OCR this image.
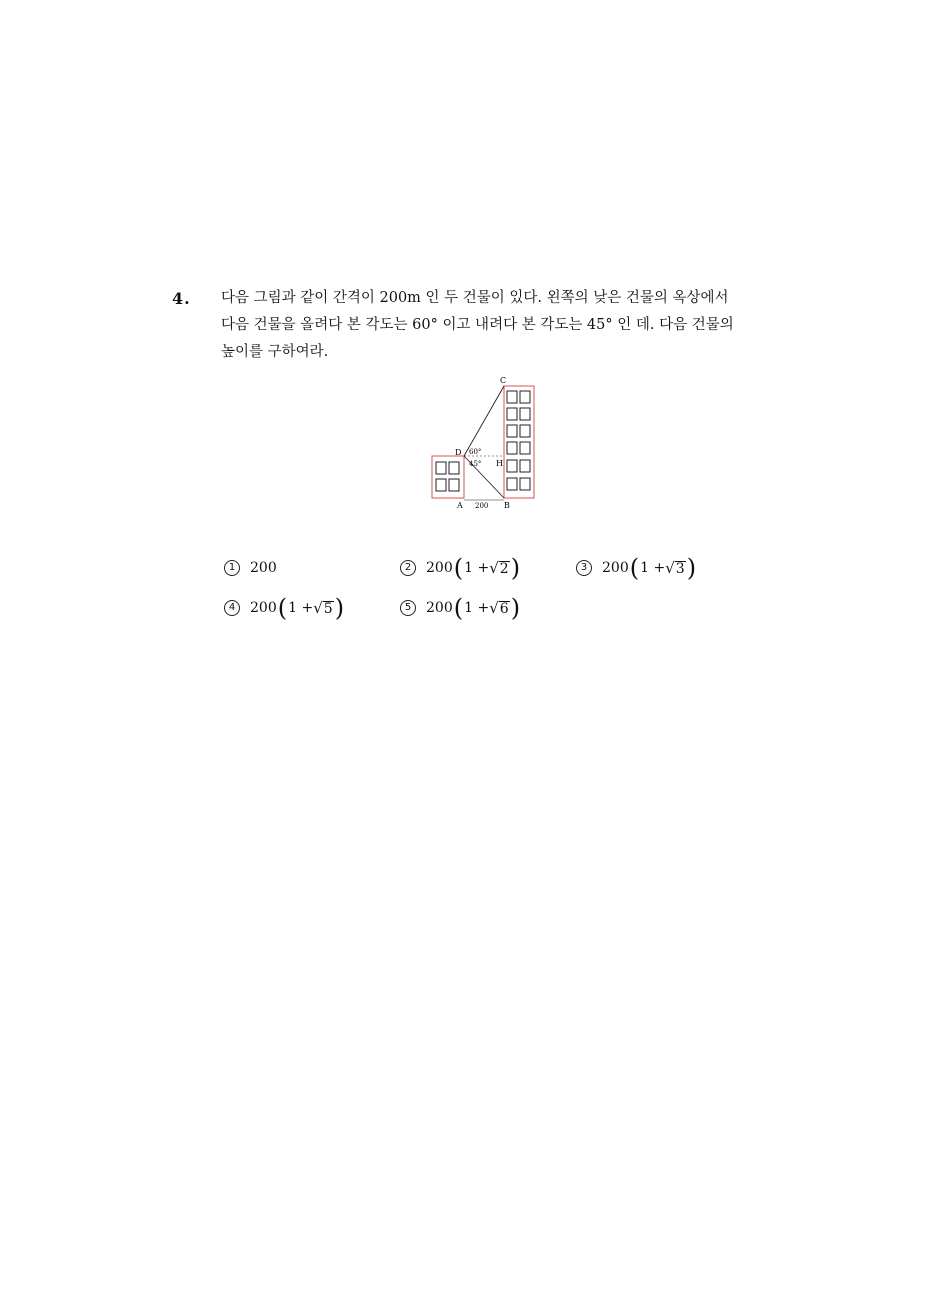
4. 다음 그림과 같이 간격이 200m 인 두 건물이 있다. 왼쪽의 낮은 건물의 옥상에서
다음 건물을 올려다 본 각도는 60° 이고 내려다 본 각도는 45° 인 데. 다음 건물의
높이를 구하여라.
C
D
H
A	B
60°
45°
200
1	200	2	200 ( 1 + √ 2 )	3	200 ( 1 + √ 3 )
4	200 ( 1 + √ 5 )	5	200 ( 1 + √ 6 )
